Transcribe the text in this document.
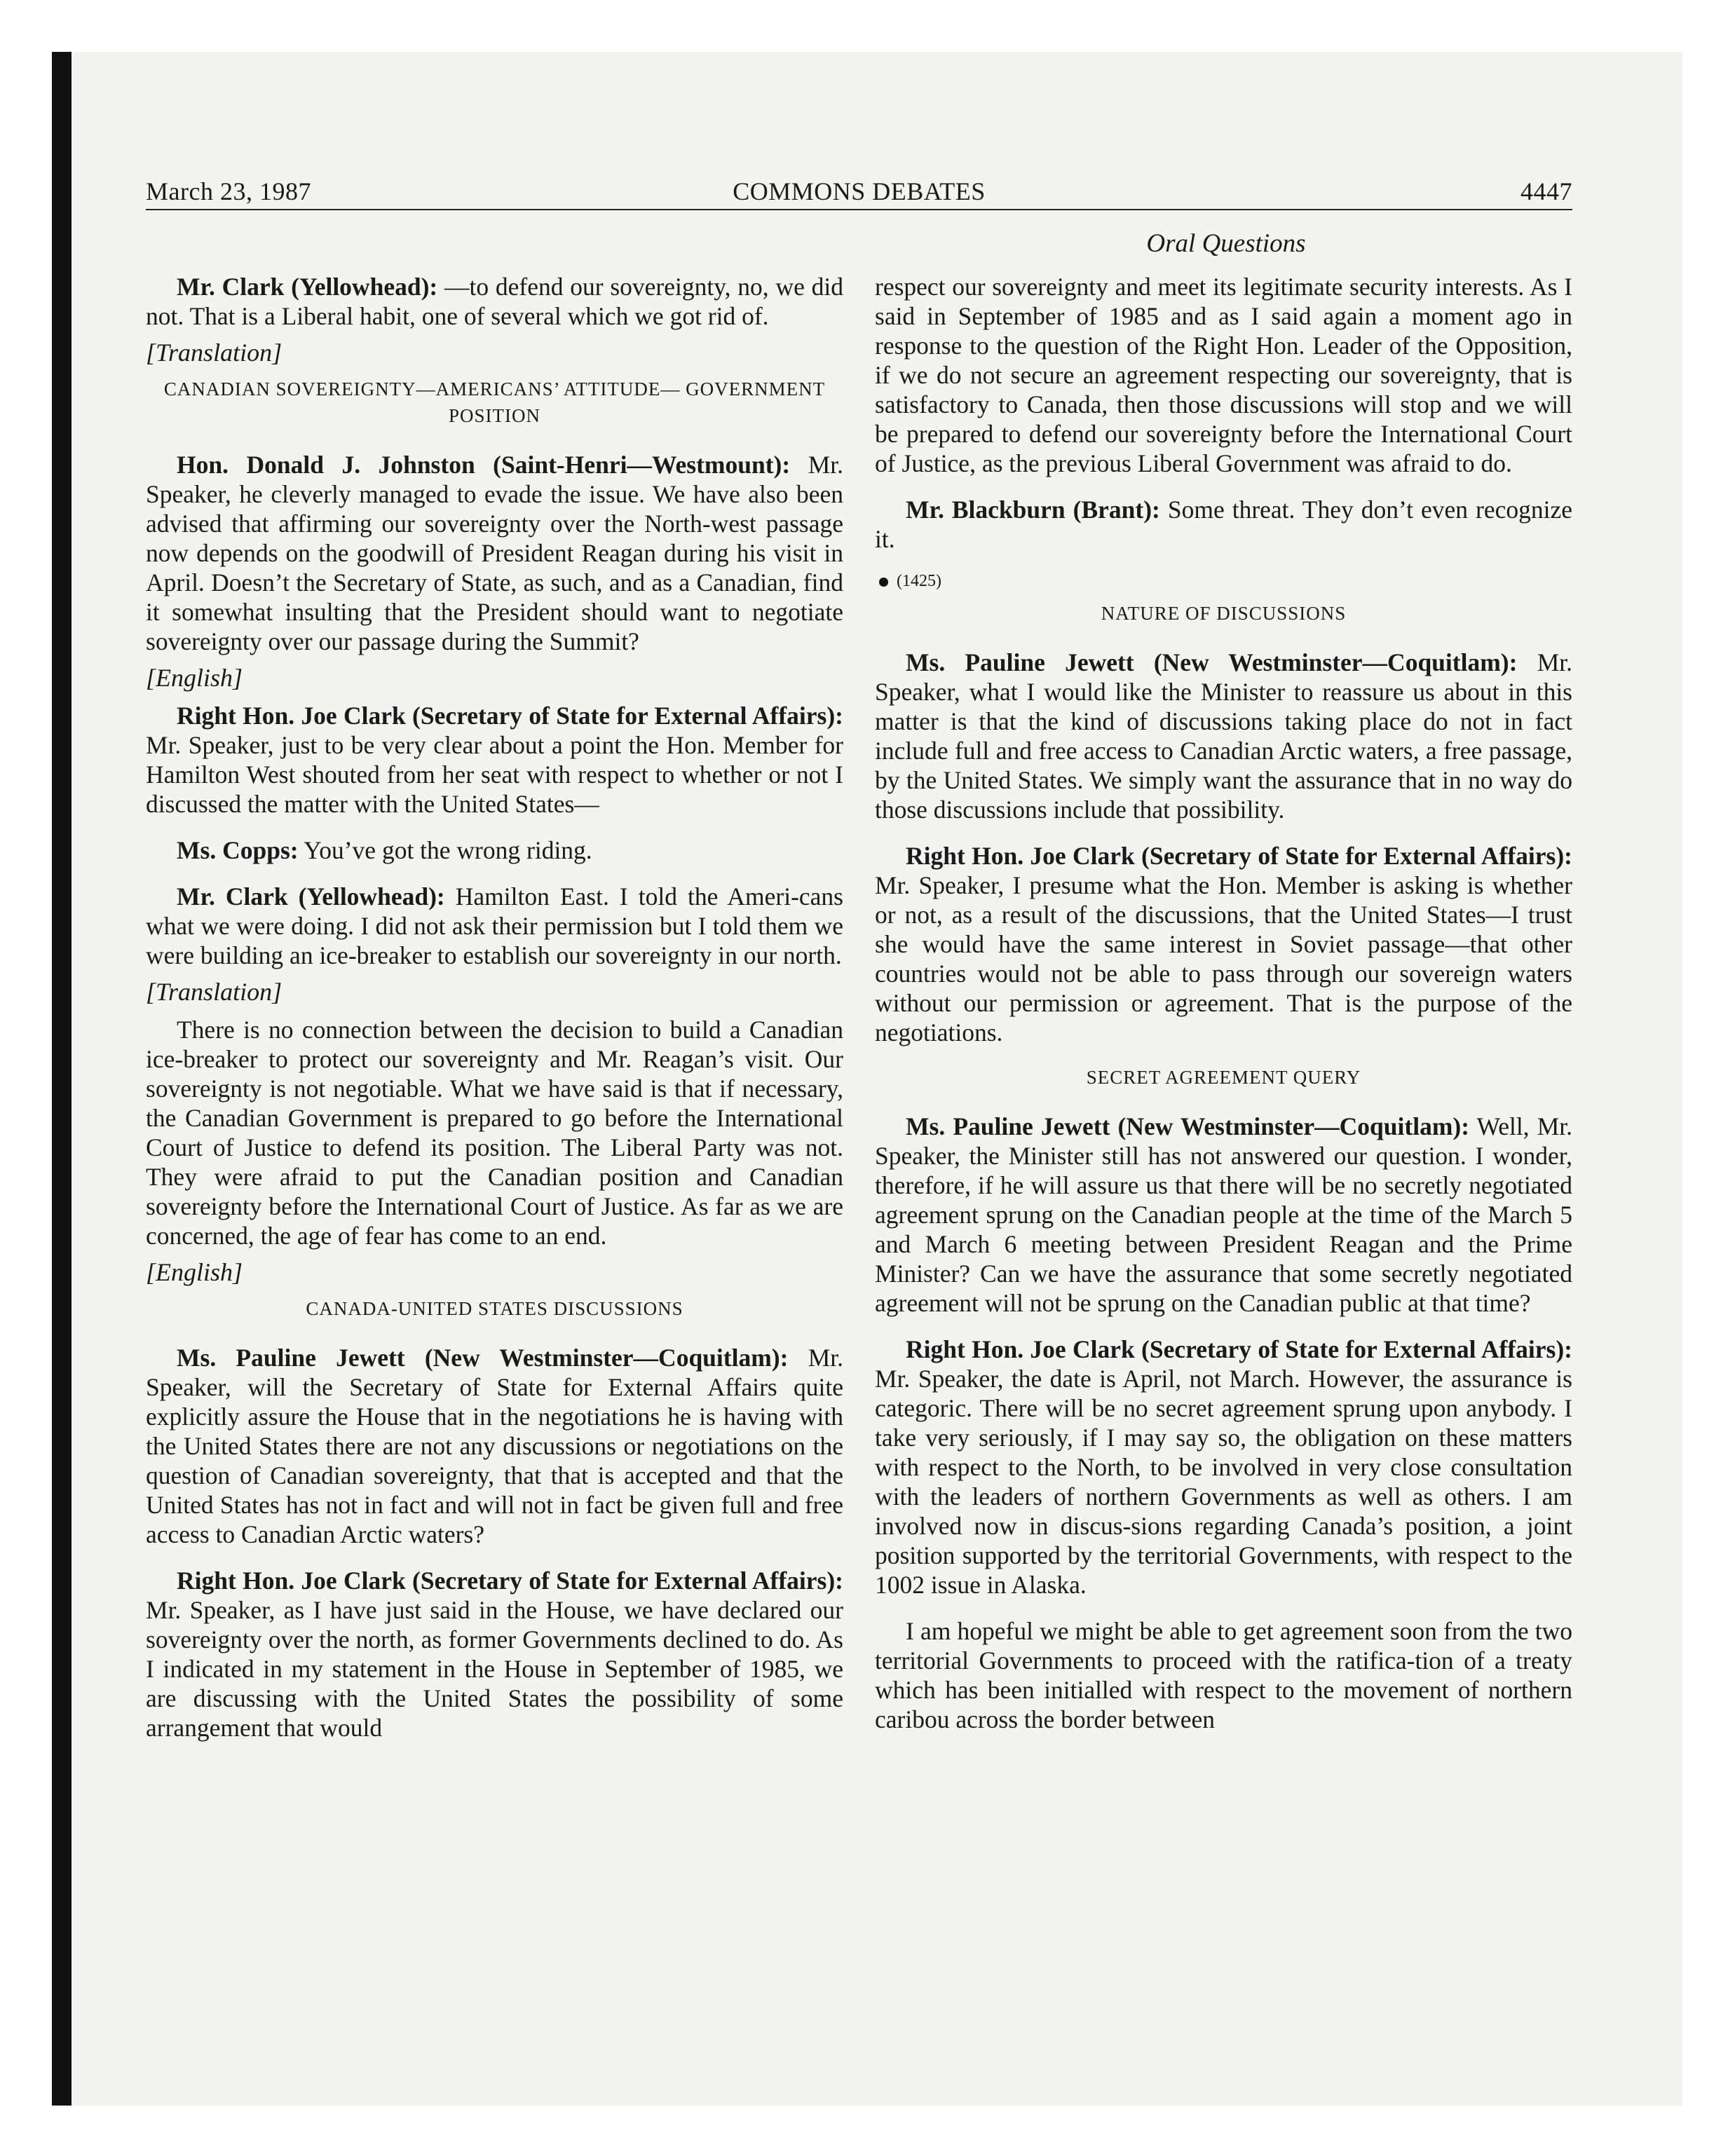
March 23, 1987	COMMONS DEBATES	4447
Oral Questions

Mr. Clark (Yellowhead): —to defend our sovereignty, no, we did not. That is a Liberal habit, one of several which we got rid of.

[Translation]
CANADIAN SOVEREIGNTY—AMERICANS’ ATTITUDE— GOVERNMENT POSITION

Hon. Donald J. Johnston (Saint-Henri—Westmount): Mr. Speaker, he cleverly managed to evade the issue. We have also been advised that affirming our sovereignty over the North-west passage now depends on the goodwill of President Reagan during his visit in April. Doesn’t the Secretary of State, as such, and as a Canadian, find it somewhat insulting that the President should want to negotiate sovereignty over our passage during the Summit?

[English]

Right Hon. Joe Clark (Secretary of State for External Affairs): Mr. Speaker, just to be very clear about a point the Hon. Member for Hamilton West shouted from her seat with respect to whether or not I discussed the matter with the United States—

Ms. Copps: You’ve got the wrong riding.

Mr. Clark (Yellowhead): Hamilton East. I told the Ameri-cans what we were doing. I did not ask their permission but I told them we were building an ice-breaker to establish our sovereignty in our north.

[Translation]

There is no connection between the decision to build a Canadian ice-breaker to protect our sovereignty and Mr. Reagan’s visit. Our sovereignty is not negotiable. What we have said is that if necessary, the Canadian Government is prepared to go before the International Court of Justice to defend its position. The Liberal Party was not. They were afraid to put the Canadian position and Canadian sovereignty before the International Court of Justice. As far as we are concerned, the age of fear has come to an end.

[English]
CANADA-UNITED STATES DISCUSSIONS

Ms. Pauline Jewett (New Westminster—Coquitlam): Mr. Speaker, will the Secretary of State for External Affairs quite explicitly assure the House that in the negotiations he is having with the United States there are not any discussions or negotiations on the question of Canadian sovereignty, that that is accepted and that the United States has not in fact and will not in fact be given full and free access to Canadian Arctic waters?

Right Hon. Joe Clark (Secretary of State for External Affairs): Mr. Speaker, as I have just said in the House, we have declared our sovereignty over the north, as former Governments declined to do. As I indicated in my statement in the House in September of 1985, we are discussing with the United States the possibility of some arrangement that would

respect our sovereignty and meet its legitimate security interests. As I said in September of 1985 and as I said again a moment ago in response to the question of the Right Hon. Leader of the Opposition, if we do not secure an agreement respecting our sovereignty, that is satisfactory to Canada, then those discussions will stop and we will be prepared to defend our sovereignty before the International Court of Justice, as the previous Liberal Government was afraid to do.

Mr. Blackburn (Brant): Some threat. They don’t even recognize it.

(1425)
NATURE OF DISCUSSIONS

Ms. Pauline Jewett (New Westminster—Coquitlam): Mr. Speaker, what I would like the Minister to reassure us about in this matter is that the kind of discussions taking place do not in fact include full and free access to Canadian Arctic waters, a free passage, by the United States. We simply want the assurance that in no way do those discussions include that possibility.

Right Hon. Joe Clark (Secretary of State for External Affairs): Mr. Speaker, I presume what the Hon. Member is asking is whether or not, as a result of the discussions, that the United States—I trust she would have the same interest in Soviet passage—that other countries would not be able to pass through our sovereign waters without our permission or agreement. That is the purpose of the negotiations.

SECRET AGREEMENT QUERY

Ms. Pauline Jewett (New Westminster—Coquitlam): Well, Mr. Speaker, the Minister still has not answered our question. I wonder, therefore, if he will assure us that there will be no secretly negotiated agreement sprung on the Canadian people at the time of the March 5 and March 6 meeting between President Reagan and the Prime Minister? Can we have the assurance that some secretly negotiated agreement will not be sprung on the Canadian public at that time?

Right Hon. Joe Clark (Secretary of State for External Affairs): Mr. Speaker, the date is April, not March. However, the assurance is categoric. There will be no secret agreement sprung upon anybody. I take very seriously, if I may say so, the obligation on these matters with respect to the North, to be involved in very close consultation with the leaders of northern Governments as well as others. I am involved now in discus-sions regarding Canada’s position, a joint position supported by the territorial Governments, with respect to the 1002 issue in Alaska.

I am hopeful we might be able to get agreement soon from the two territorial Governments to proceed with the ratifica-tion of a treaty which has been initialled with respect to the movement of northern caribou across the border between
